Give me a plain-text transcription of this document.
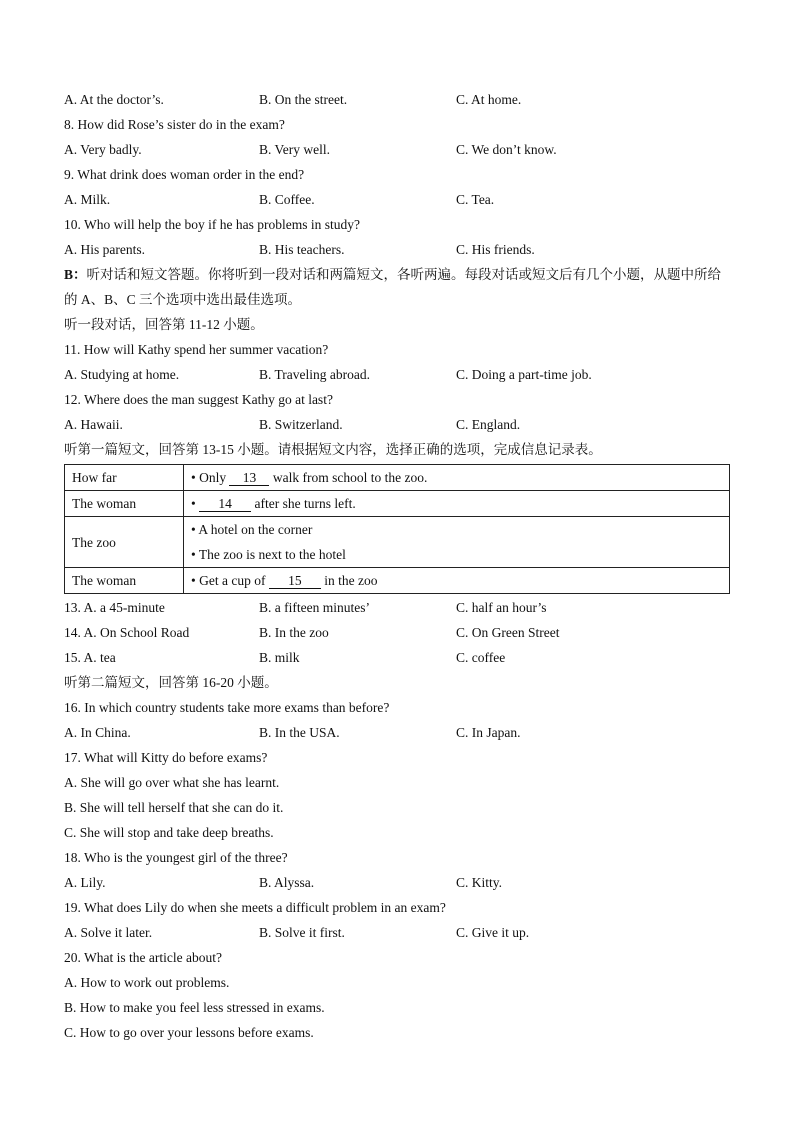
A. At the doctor’s.	B. On the street.	C. At home.
8. How did Rose’s sister do in the exam?
A. Very badly.	B. Very well.	C. We don’t know.
9. What drink does woman order in the end?
A. Milk.	B. Coffee.	C. Tea.
10. Who will help the boy if he has problems in study?
A. His parents.	B. His teachers.	C. His friends.
B：听对话和短文答题。你将听到一段对话和两篇短文，各听两遍。每段对话或短文后有几个小题，从题中所给的 A、B、C 三个选项中选出最佳选项。
听一段对话，回答第 11-12 小题。
11. How will Kathy spend her summer vacation?
A. Studying at home.	B. Traveling abroad.	C. Doing a part-time job.
12. Where does the man suggest Kathy go at last?
A. Hawaii.	B. Switzerland.	C. England.
听第一篇短文，回答第 13-15 小题。请根据短文内容，选择正确的选项，完成信息记录表。
How far	• Only 13 walk from school to the zoo.
The woman	• 14 after she turns left.
The zoo	• A hotel on the corner
• The zoo is next to the hotel

The woman	• Get a cup of 15 in the zoo
13. A. a 45-minute	B. a fifteen minutes’	C. half an hour’s
14. A. On School Road	B. In the zoo	C. On Green Street
15. A. tea	B. milk	C. coffee
听第二篇短文，回答第 16-20 小题。
16. In which country students take more exams than before?
A. In China.	B. In the USA.	C. In Japan.
17. What will Kitty do before exams?
A. She will go over what she has learnt.
B. She will tell herself that she can do it.
C. She will stop and take deep breaths.
18. Who is the youngest girl of the three?
A. Lily.	B. Alyssa.	C. Kitty.
19. What does Lily do when she meets a difficult problem in an exam?
A. Solve it later.	B. Solve it first.	C. Give it up.
20. What is the article about?
A. How to work out problems.
B. How to make you feel less stressed in exams.
C. How to go over your lessons before exams.
